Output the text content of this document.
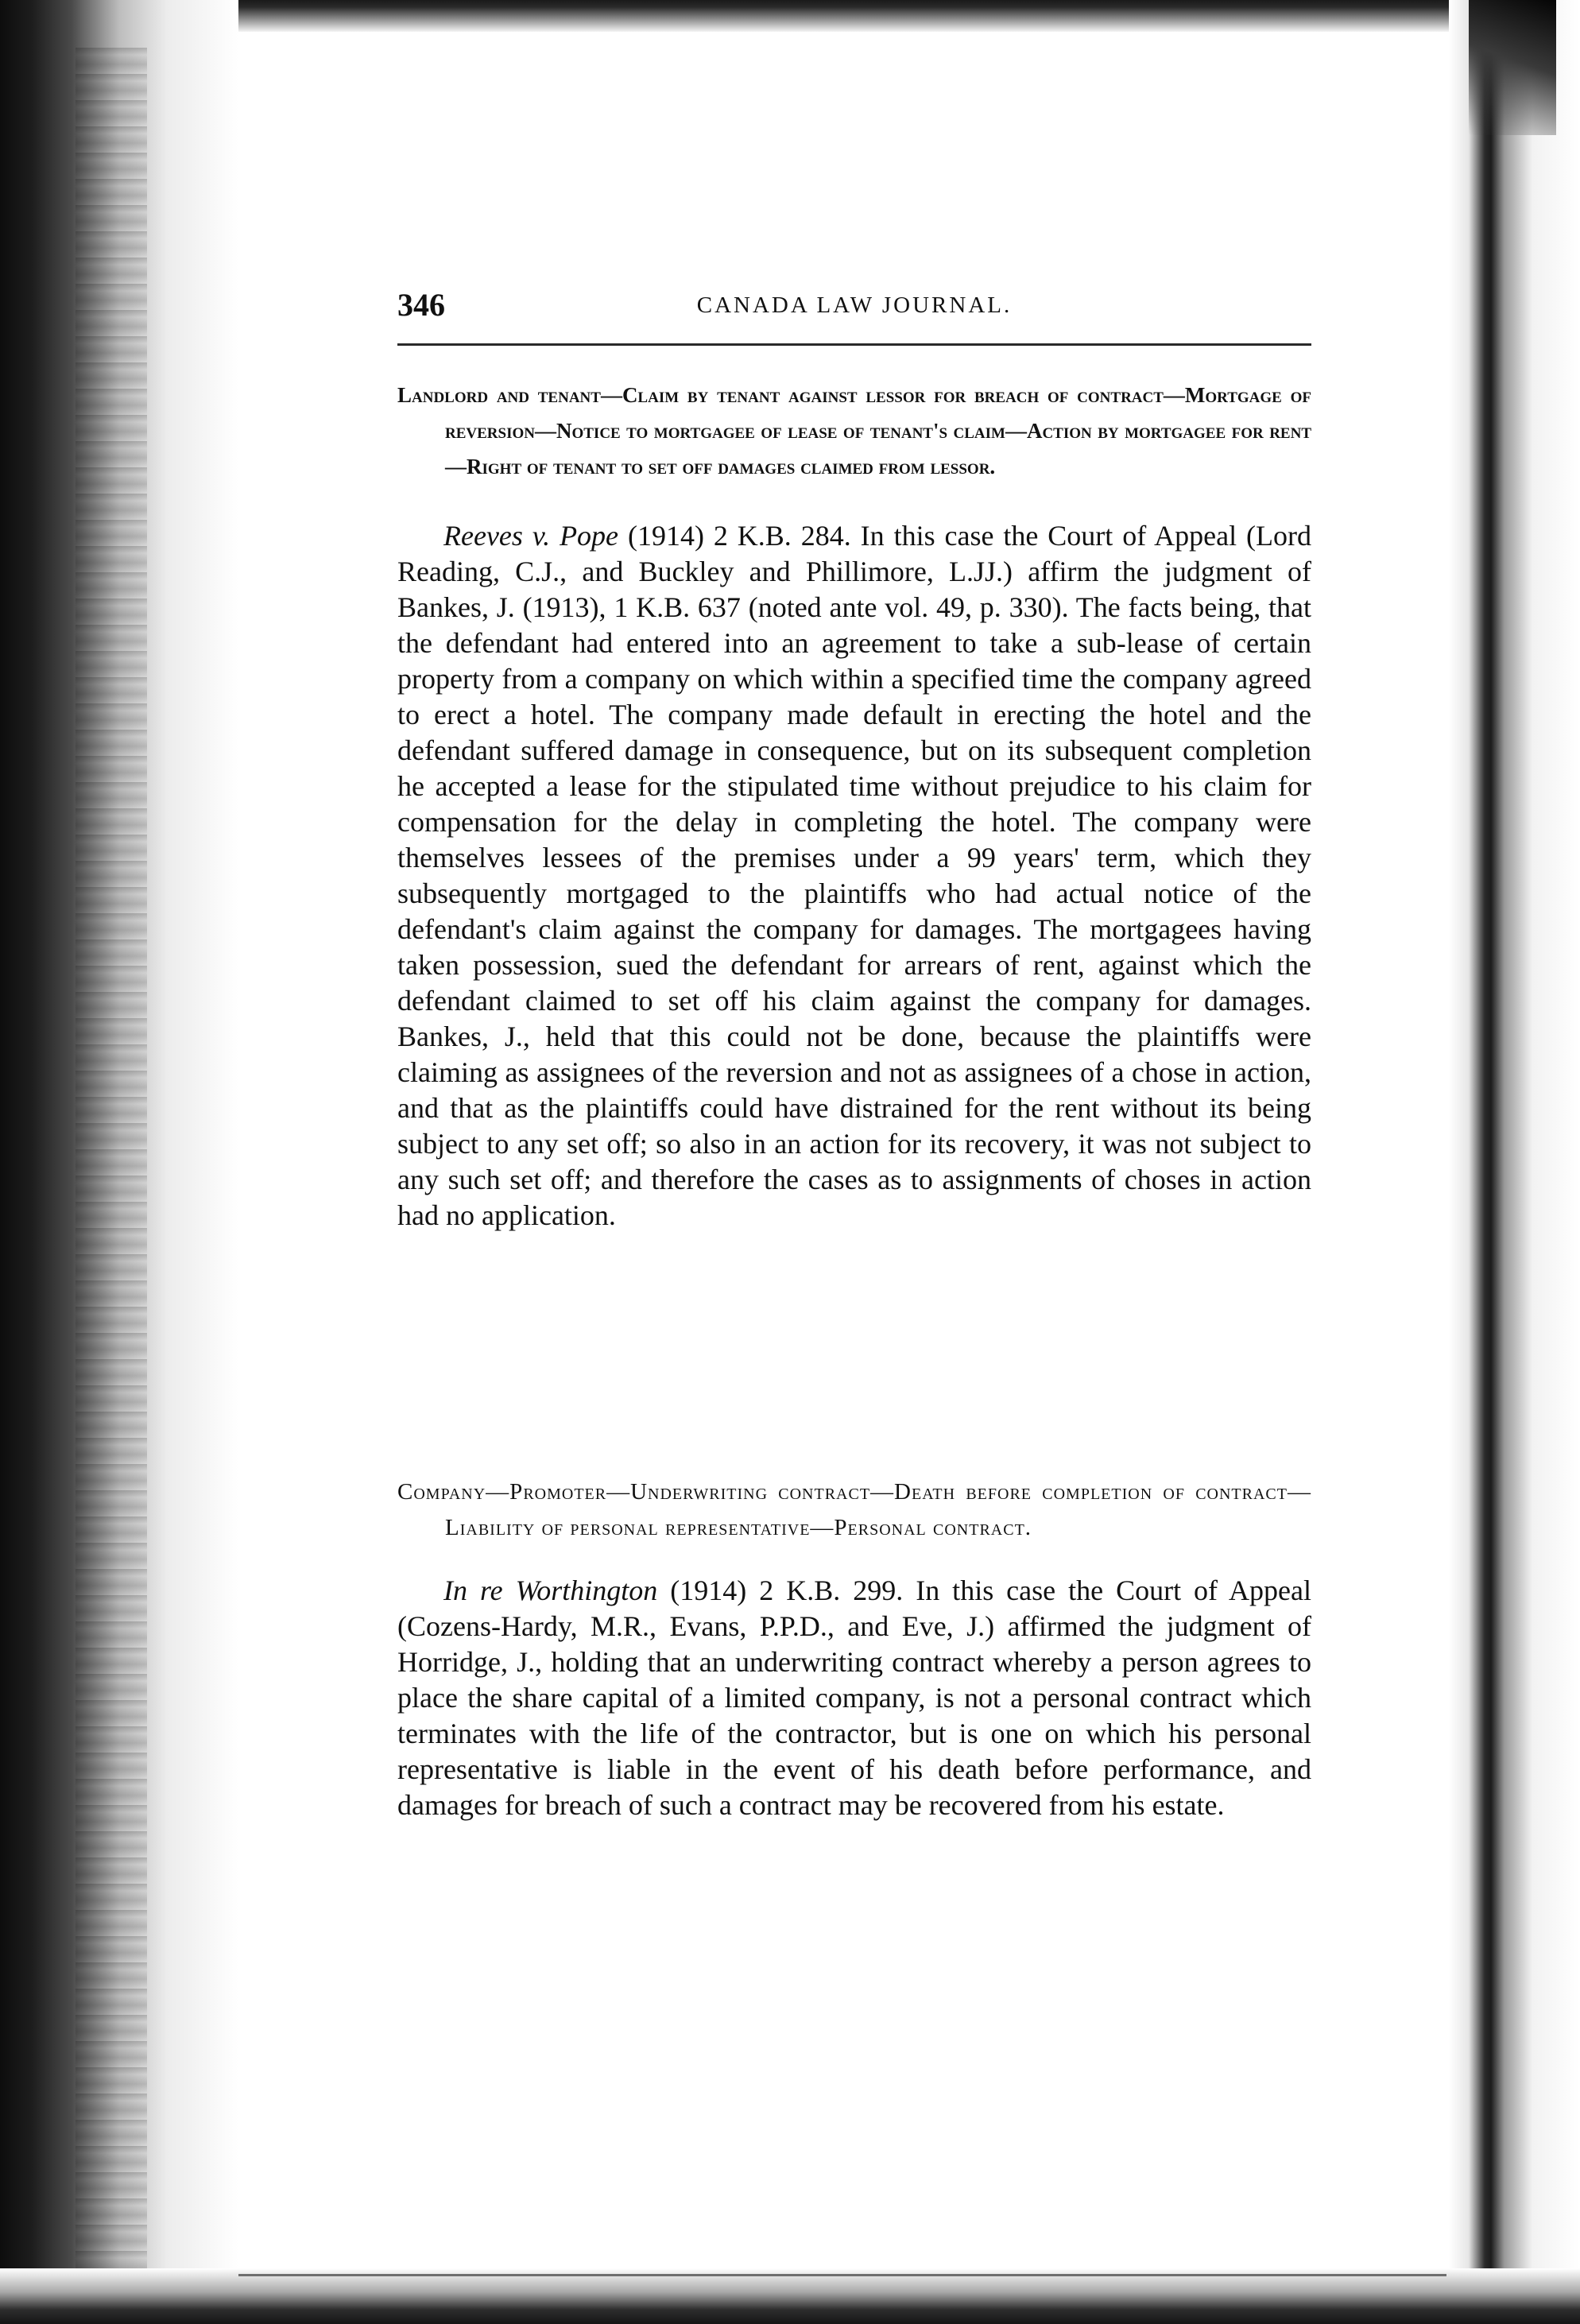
346	CANADA LAW JOURNAL.

Landlord and tenant—Claim by tenant against lessor for breach of contract—Mortgage of reversion—Notice to mortgagee of lease of tenant's claim—Action by mortgagee for rent—Right of tenant to set off damages claimed from lessor.

Reeves v. Pope (1914) 2 K.B. 284. In this case the Court of Appeal (Lord Reading, C.J., and Buckley and Phillimore, L.JJ.) affirm the judgment of Bankes, J. (1913), 1 K.B. 637 (noted ante vol. 49, p. 330). The facts being, that the defendant had entered into an agreement to take a sub-lease of certain property from a company on which within a specified time the company agreed to erect a hotel. The company made default in erecting the hotel and the defendant suffered damage in consequence, but on its subsequent completion he accepted a lease for the stipulated time without prejudice to his claim for compensation for the delay in completing the hotel. The company were themselves lessees of the premises under a 99 years' term, which they subsequently mortgaged to the plaintiffs who had actual notice of the defendant's claim against the company for damages. The mortgagees having taken possession, sued the defendant for arrears of rent, against which the defendant claimed to set off his claim against the company for damages. Bankes, J., held that this could not be done, because the plaintiffs were claiming as assignees of the reversion and not as assignees of a chose in action, and that as the plaintiffs could have distrained for the rent without its being subject to any set off; so also in an action for its recovery, it was not subject to any such set off; and therefore the cases as to assignments of choses in action had no application.

Company—Promoter—Underwriting contract—Death before completion of contract—Liability of personal representative—Personal contract.

In re Worthington (1914) 2 K.B. 299. In this case the Court of Appeal (Cozens-Hardy, M.R., Evans, P.P.D., and Eve, J.) affirmed the judgment of Horridge, J., holding that an underwriting contract whereby a person agrees to place the share capital of a limited company, is not a personal contract which terminates with the life of the contractor, but is one on which his personal representative is liable in the event of his death before performance, and damages for breach of such a contract may be recovered from his estate.
